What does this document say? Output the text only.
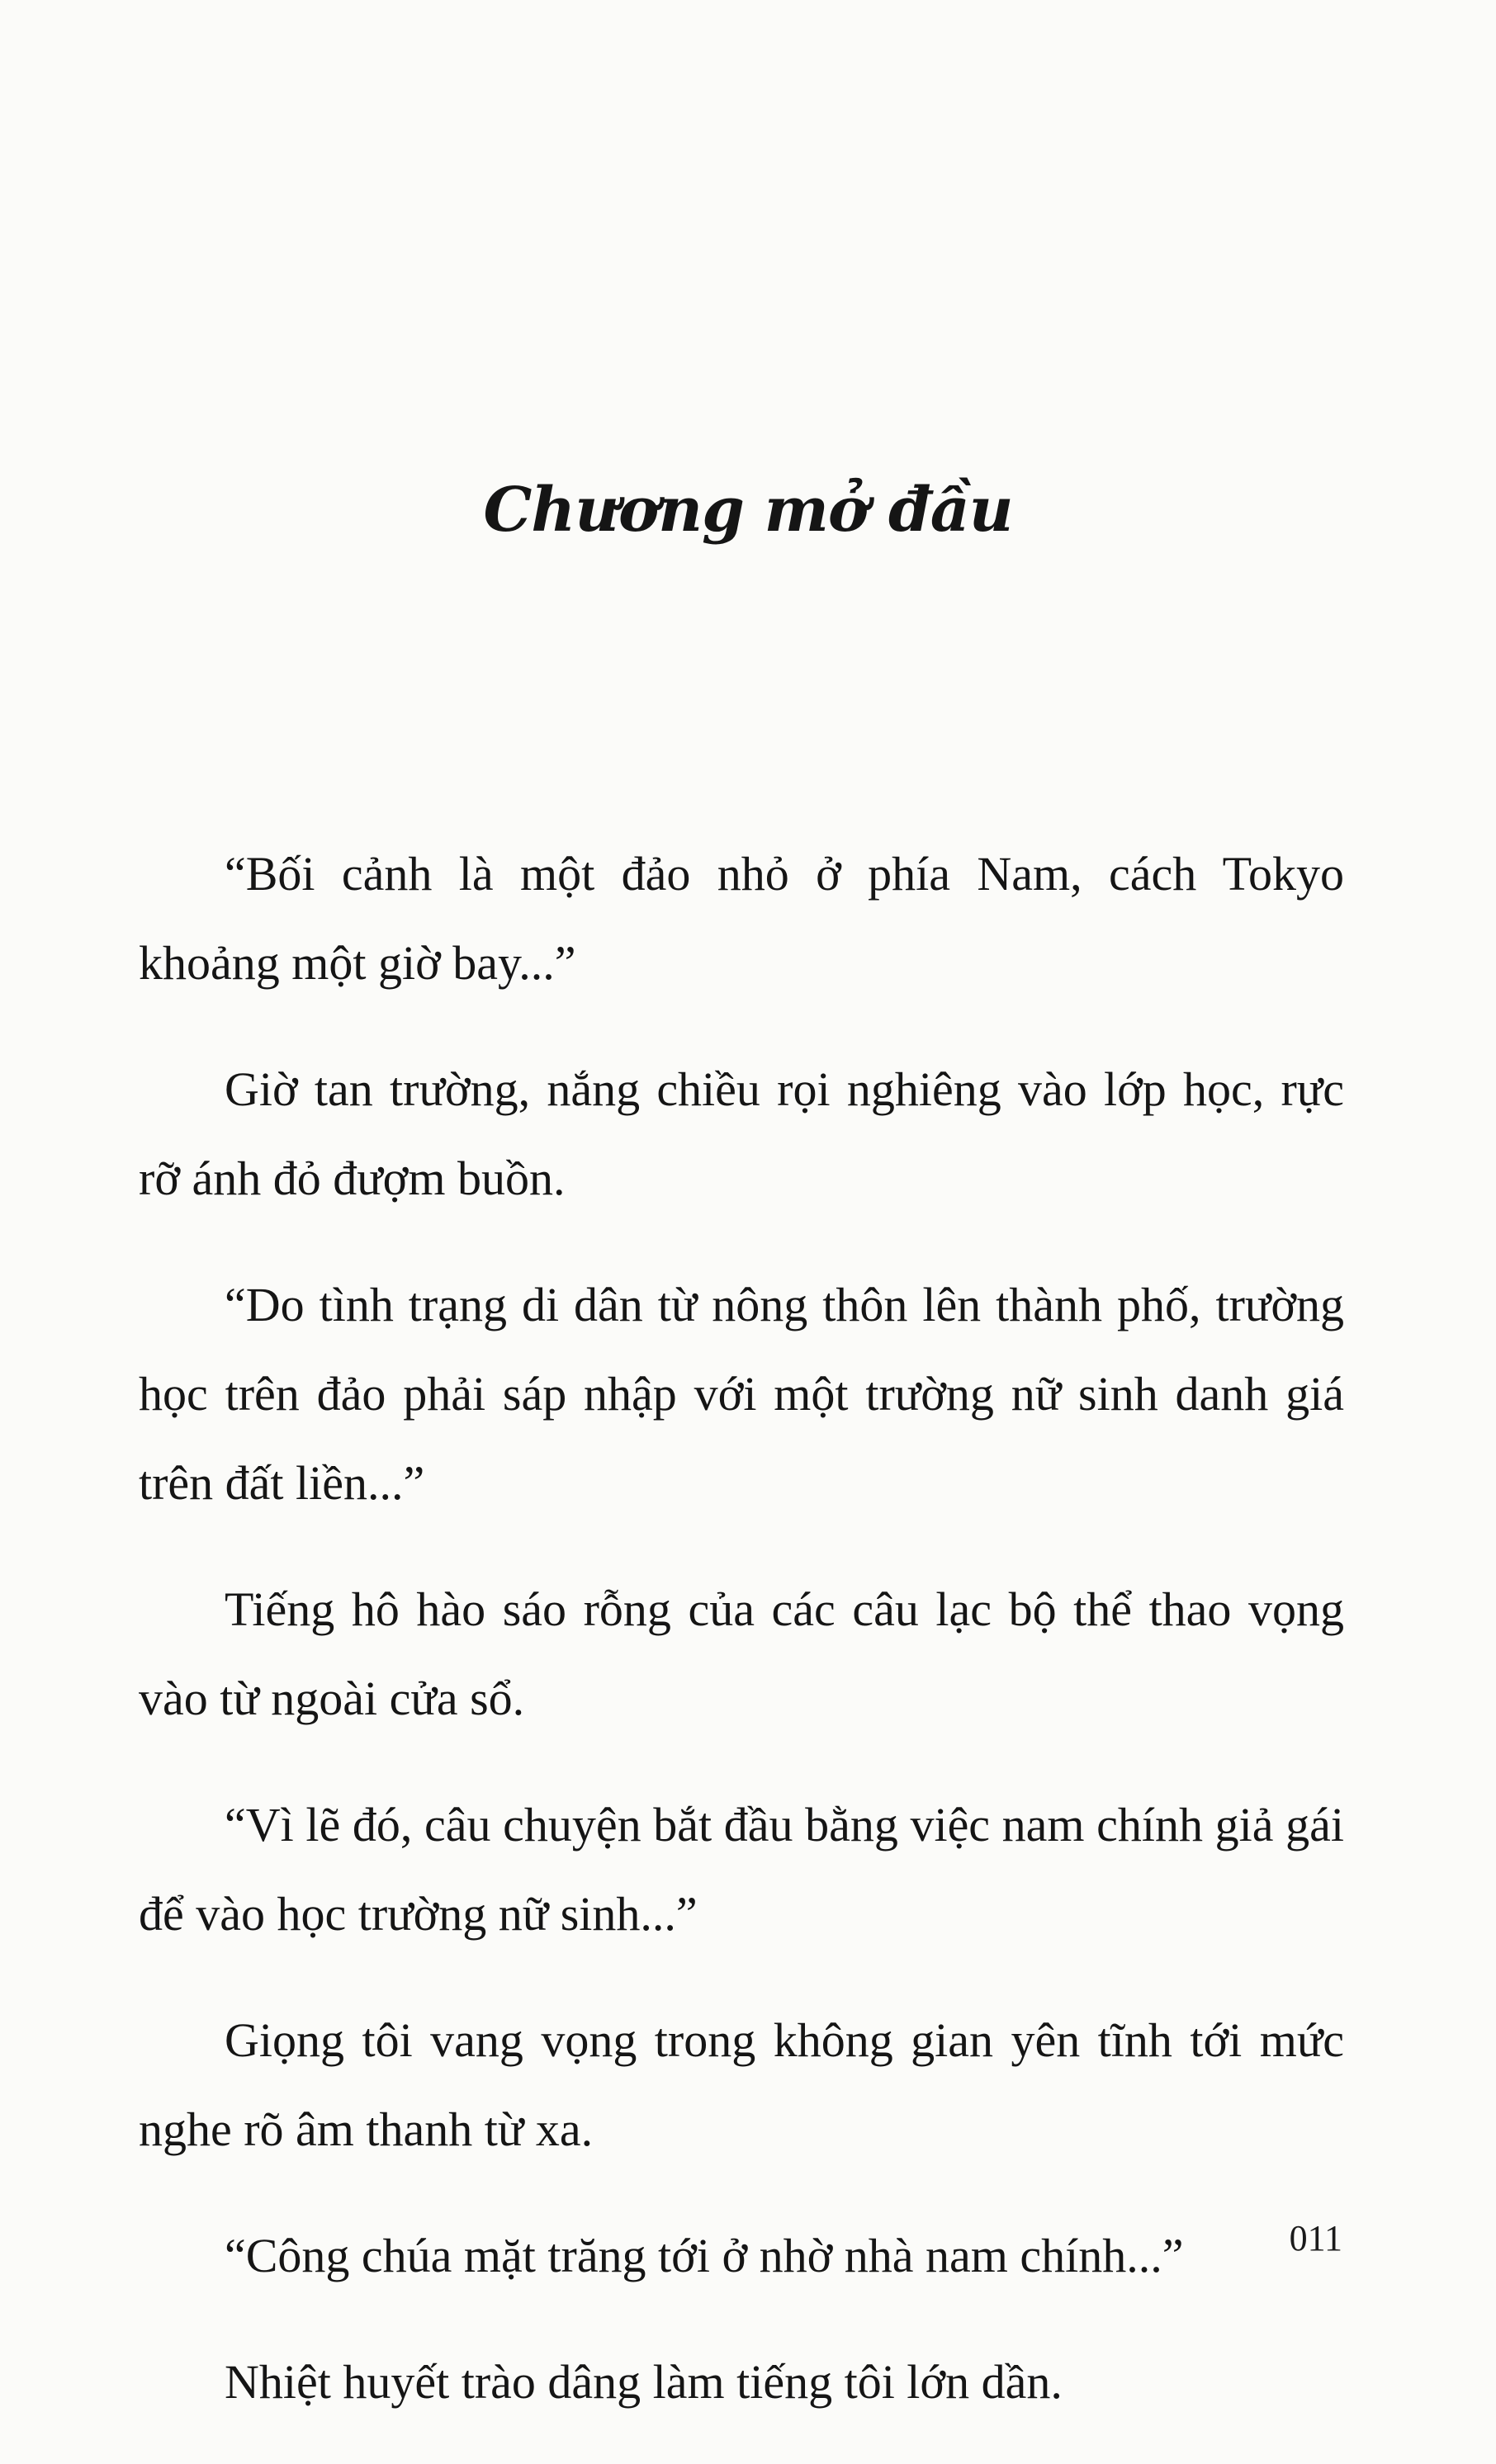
Chương mở đầu

“Bối cảnh là một đảo nhỏ ở phía Nam, cách Tokyo khoảng một giờ bay...”

Giờ tan trường, nắng chiều rọi nghiêng vào lớp học, rực rỡ ánh đỏ đượm buồn.

“Do tình trạng di dân từ nông thôn lên thành phố, trường học trên đảo phải sáp nhập với một trường nữ sinh danh giá trên đất liền...”

Tiếng hô hào sáo rỗng của các câu lạc bộ thể thao vọng vào từ ngoài cửa sổ.

“Vì lẽ đó, câu chuyện bắt đầu bằng việc nam chính giả gái để vào học trường nữ sinh...”

Giọng tôi vang vọng trong không gian yên tĩnh tới mức nghe rõ âm thanh từ xa.

“Công chúa mặt trăng tới ở nhờ nhà nam chính...”

Nhiệt huyết trào dâng làm tiếng tôi lớn dần.

011
